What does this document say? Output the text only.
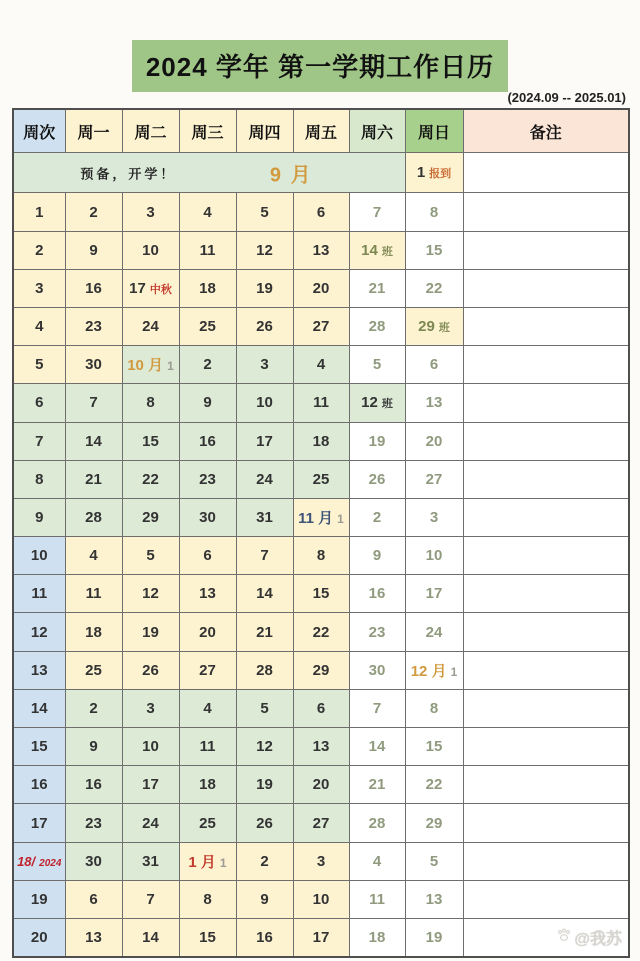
2024 学年 第一学期工作日历
(2024.09 -- 2025.01)
周次	周一	周二	周三	周四	周五	周六	周日	备注

预备，开学！ 9 月							1 报到	
1	2	3	4	5	6	7	8	
2	9	10	11	12	13	14 班	15	
3	16	17 中秋	18	19	20	21	22	
4	23	24	25	26	27	28	29 班	
5	30	10 月 1	2	3	4	5	6	
6	7	8	9	10	11	12 班	13	
7	14	15	16	17	18	19	20	
8	21	22	23	24	25	26	27	
9	28	29	30	31	11 月 1	2	3	
10	4	5	6	7	8	9	10	
11	11	12	13	14	15	16	17	
12	18	19	20	21	22	23	24	
13	25	26	27	28	29	30	12 月 1	
14	2	3	4	5	6	7	8	
15	9	10	11	12	13	14	15	
16	16	17	18	19	20	21	22	
17	23	24	25	26	27	28	29	
18/ 2024	30	31	1 月 1	2	3	4	5	
19	6	7	8	9	10	11	13	
20	13	14	15	16	17	18	19		@我苏
